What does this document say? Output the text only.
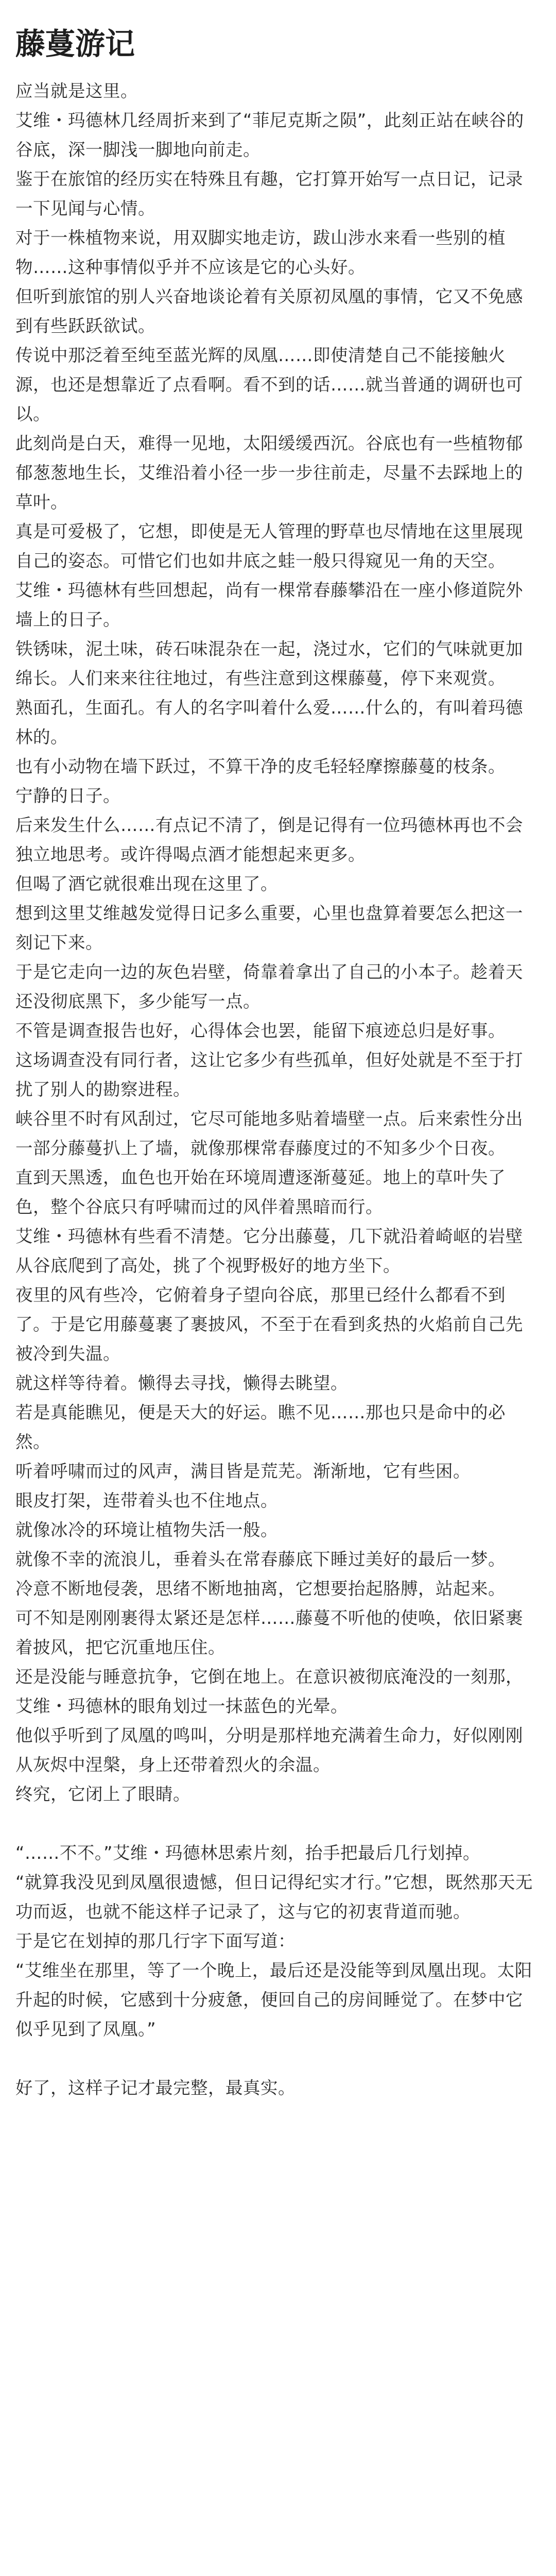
藤蔓游记

应当就是这里。

艾维・玛德林几经周折来到了“菲尼克斯之陨”，此刻正站在峡谷的谷底，深一脚浅一脚地向前走。

鉴于在旅馆的经历实在特殊且有趣，它打算开始写一点日记，记录一下见闻与心情。

对于一株植物来说，用双脚实地走访，跋山涉水来看一些别的植物……这种事情似乎并不应该是它的心头好。

但听到旅馆的别人兴奋地谈论着有关原初凤凰的事情，它又不免感到有些跃跃欲试。

传说中那泛着至纯至蓝光辉的凤凰……即使清楚自己不能接触火源，也还是想靠近了点看啊。看不到的话……就当普通的调研也可以。

此刻尚是白天，难得一见地，太阳缓缓西沉。谷底也有一些植物郁郁葱葱地生长，艾维沿着小径一步一步往前走，尽量不去踩地上的草叶。

真是可爱极了，它想，即使是无人管理的野草也尽情地在这里展现自己的姿态。可惜它们也如井底之蛙一般只得窥见一角的天空。

艾维・玛德林有些回想起，尚有一棵常春藤攀沿在一座小修道院外墙上的日子。

铁锈味，泥土味，砖石味混杂在一起，浇过水，它们的气味就更加绵长。人们来来往往地过，有些注意到这棵藤蔓，停下来观赏。

熟面孔，生面孔。有人的名字叫着什么爱……什么的，有叫着玛德林的。

也有小动物在墙下跃过，不算干净的皮毛轻轻摩擦藤蔓的枝条。

宁静的日子。

后来发生什么……有点记不清了，倒是记得有一位玛德林再也不会独立地思考。或许得喝点酒才能想起来更多。

但喝了酒它就很难出现在这里了。

想到这里艾维越发觉得日记多么重要，心里也盘算着要怎么把这一刻记下来。

于是它走向一边的灰色岩壁，倚靠着拿出了自己的小本子。趁着天还没彻底黑下，多少能写一点。

不管是调查报告也好，心得体会也罢，能留下痕迹总归是好事。

这场调查没有同行者，这让它多少有些孤单，但好处就是不至于打扰了别人的勘察进程。

峡谷里不时有风刮过，它尽可能地多贴着墙壁一点。后来索性分出一部分藤蔓扒上了墙，就像那棵常春藤度过的不知多少个日夜。

直到天黑透，血色也开始在环境周遭逐渐蔓延。地上的草叶失了色，整个谷底只有呼啸而过的风伴着黑暗而行。

艾维・玛德林有些看不清楚。它分出藤蔓，几下就沿着崎岖的岩壁从谷底爬到了高处，挑了个视野极好的地方坐下。

夜里的风有些冷，它俯着身子望向谷底，那里已经什么都看不到了。于是它用藤蔓裹了裹披风，不至于在看到炙热的火焰前自己先被冷到失温。

就这样等待着。懒得去寻找，懒得去眺望。

若是真能瞧见，便是天大的好运。瞧不见……那也只是命中的必然。

听着呼啸而过的风声，满目皆是荒芜。渐渐地，它有些困。

眼皮打架，连带着头也不住地点。

就像冰冷的环境让植物失活一般。

就像不幸的流浪儿，垂着头在常春藤底下睡过美好的最后一梦。

冷意不断地侵袭，思绪不断地抽离，它想要抬起胳膊，站起来。

可不知是刚刚裹得太紧还是怎样……藤蔓不听他的使唤，依旧紧裹着披风，把它沉重地压住。

还是没能与睡意抗争，它倒在地上。在意识被彻底淹没的一刻那，艾维・玛德林的眼角划过一抹蓝色的光晕。

他似乎听到了凤凰的鸣叫，分明是那样地充满着生命力，好似刚刚从灰烬中涅槃，身上还带着烈火的余温。

终究，它闭上了眼睛。

“……不不。”艾维・玛德林思索片刻，抬手把最后几行划掉。

“就算我没见到凤凰很遗憾，但日记得纪实才行。”它想，既然那天无功而返，也就不能这样子记录了，这与它的初衷背道而驰。

于是它在划掉的那几行字下面写道：

“艾维坐在那里，等了一个晚上，最后还是没能等到凤凰出现。太阳升起的时候，它感到十分疲惫，便回自己的房间睡觉了。在梦中它似乎见到了凤凰。”

好了，这样子记才最完整，最真实。
